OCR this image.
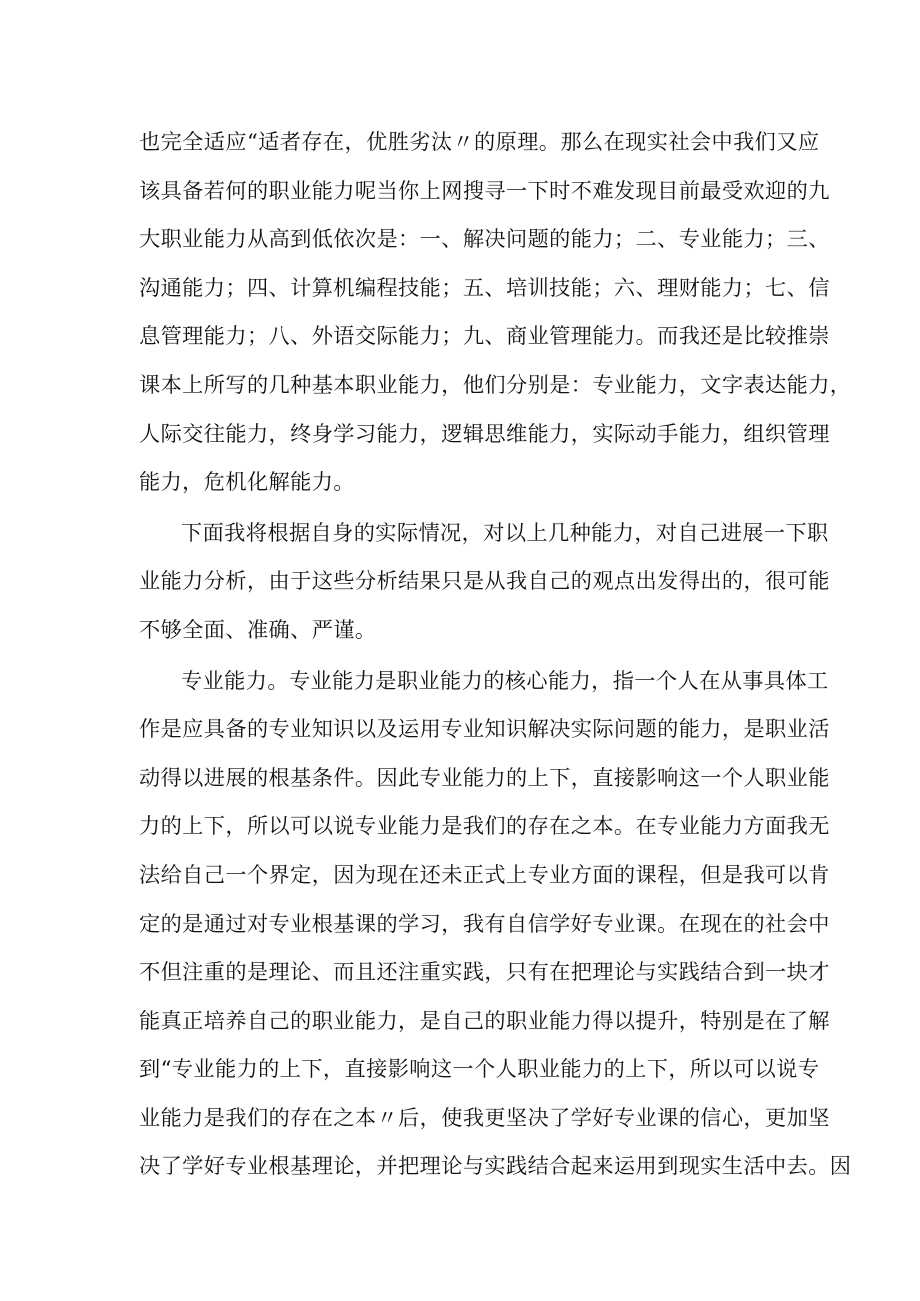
也完全适应“适者存在，优胜劣汰〃的原理。那么在现实社会中我们又应
该具备若何的职业能力呢当你上网搜寻一下时不难发现目前最受欢迎的九
大职业能力从高到低依次是：一、解决问题的能力；二、专业能力；三、
沟通能力；四、计算机编程技能；五、培训技能；六、理财能力；七、信
息管理能力；八、外语交际能力；九、商业管理能力。而我还是比较推崇
课本上所写的几种基本职业能力，他们分别是：专业能力，文字表达能力，
人际交往能力，终身学习能力，逻辑思维能力，实际动手能力，组织管理
能力，危机化解能力。
下面我将根据自身的实际情况，对以上几种能力，对自己进展一下职
业能力分析，由于这些分析结果只是从我自己的观点出发得出的，很可能
不够全面、准确、严谨。
专业能力。专业能力是职业能力的核心能力，指一个人在从事具体工
作是应具备的专业知识以及运用专业知识解决实际问题的能力，是职业活
动得以进展的根基条件。因此专业能力的上下，直接影响这一个人职业能
力的上下，所以可以说专业能力是我们的存在之本。在专业能力方面我无
法给自己一个界定，因为现在还未正式上专业方面的课程，但是我可以肯
定的是通过对专业根基课的学习，我有自信学好专业课。在现在的社会中
不但注重的是理论、而且还注重实践，只有在把理论与实践结合到一块才
能真正培养自己的职业能力，是自己的职业能力得以提升，特别是在了解
到“专业能力的上下，直接影响这一个人职业能力的上下，所以可以说专
业能力是我们的存在之本〃后，使我更坚决了学好专业课的信心，更加坚
决了学好专业根基理论，并把理论与实践结合起来运用到现实生活中去。因
